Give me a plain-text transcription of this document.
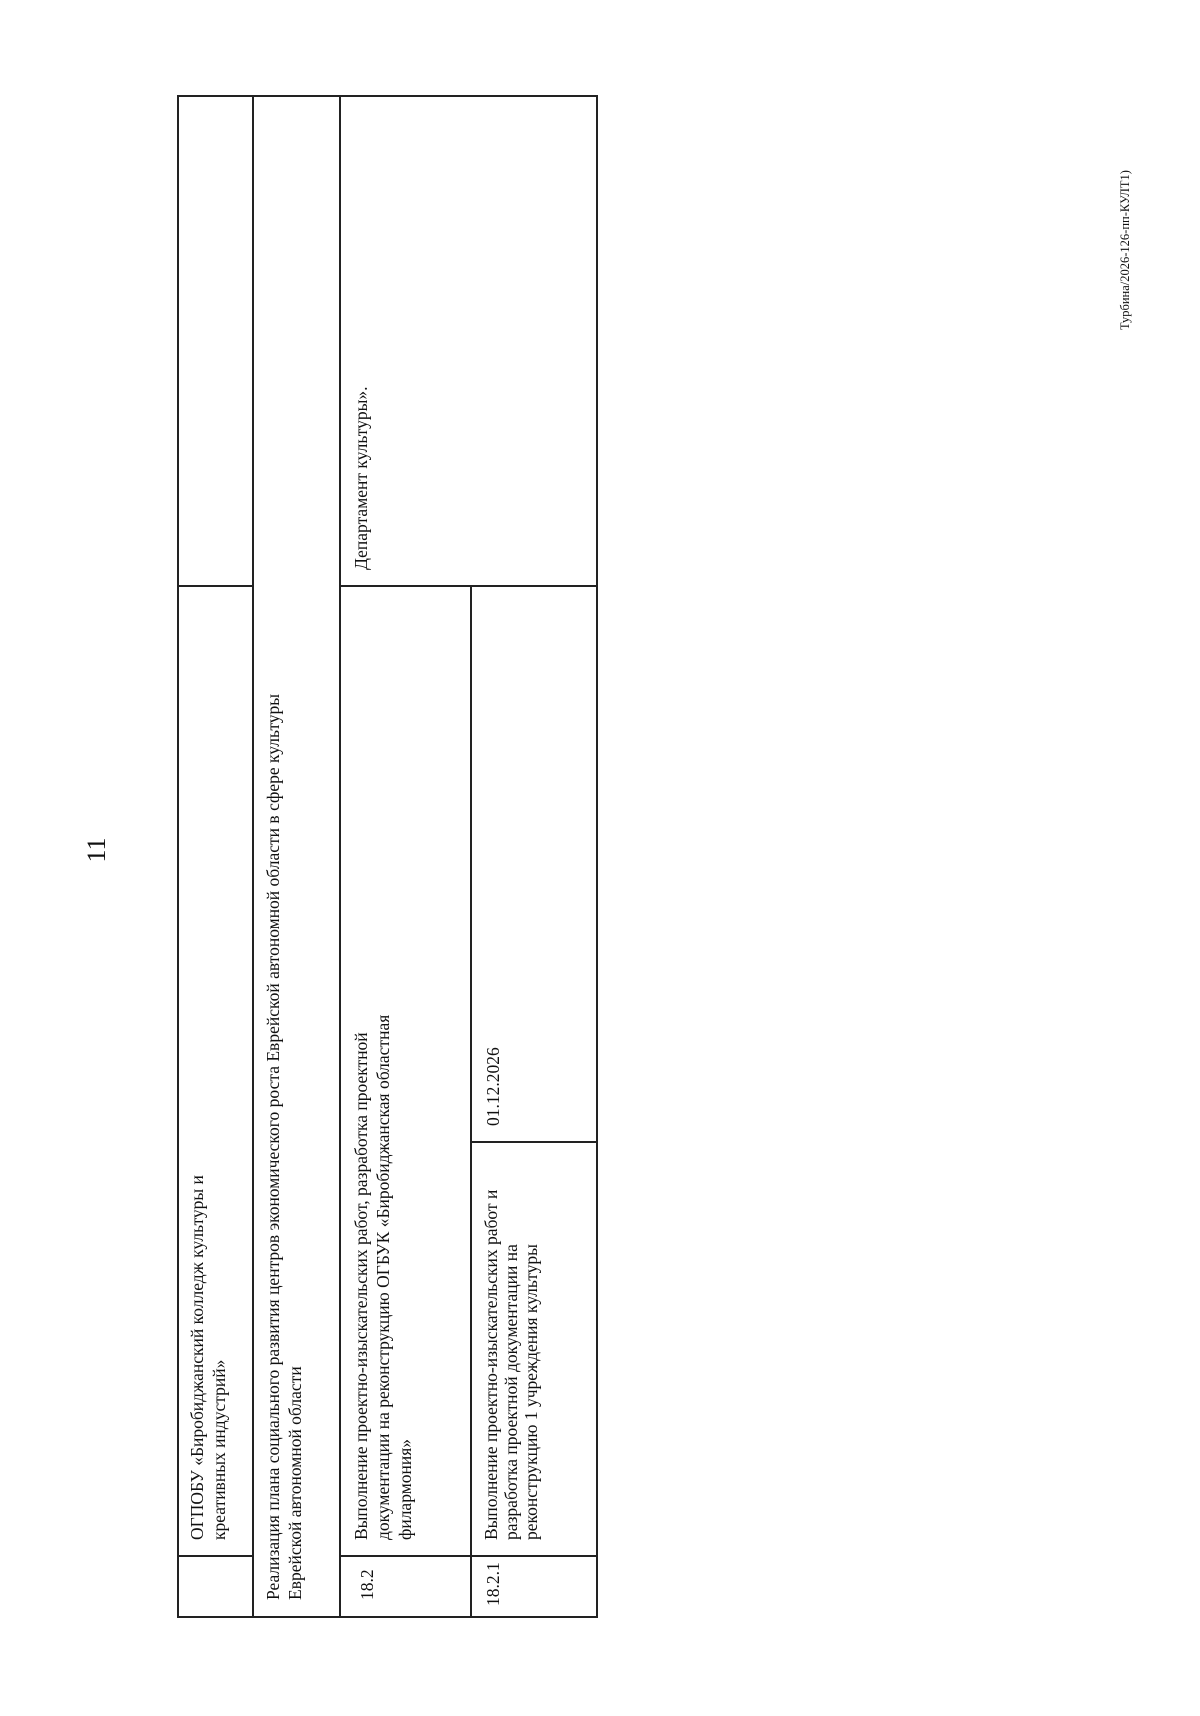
11
Турбина/2026-126-пп-КУЛТ1)
ОГПОБУ «Биробиджанский колледж культуры и креативных индустрий»	Реализация плана социального развития центров экономического роста Еврейской автономной области в сфере культуры Еврейской автономной области	18.2
Выполнение проектно-изыскательских работ, разработка проектной документации на реконструкцию ОГБУК «Биробиджанская областная филармония»
Департамент культуры».
18.2.1
Выполнение проектно-изыскательских работ и разработка проектной документации на реконструкцию 1 учреждения культуры
01.12.2026
